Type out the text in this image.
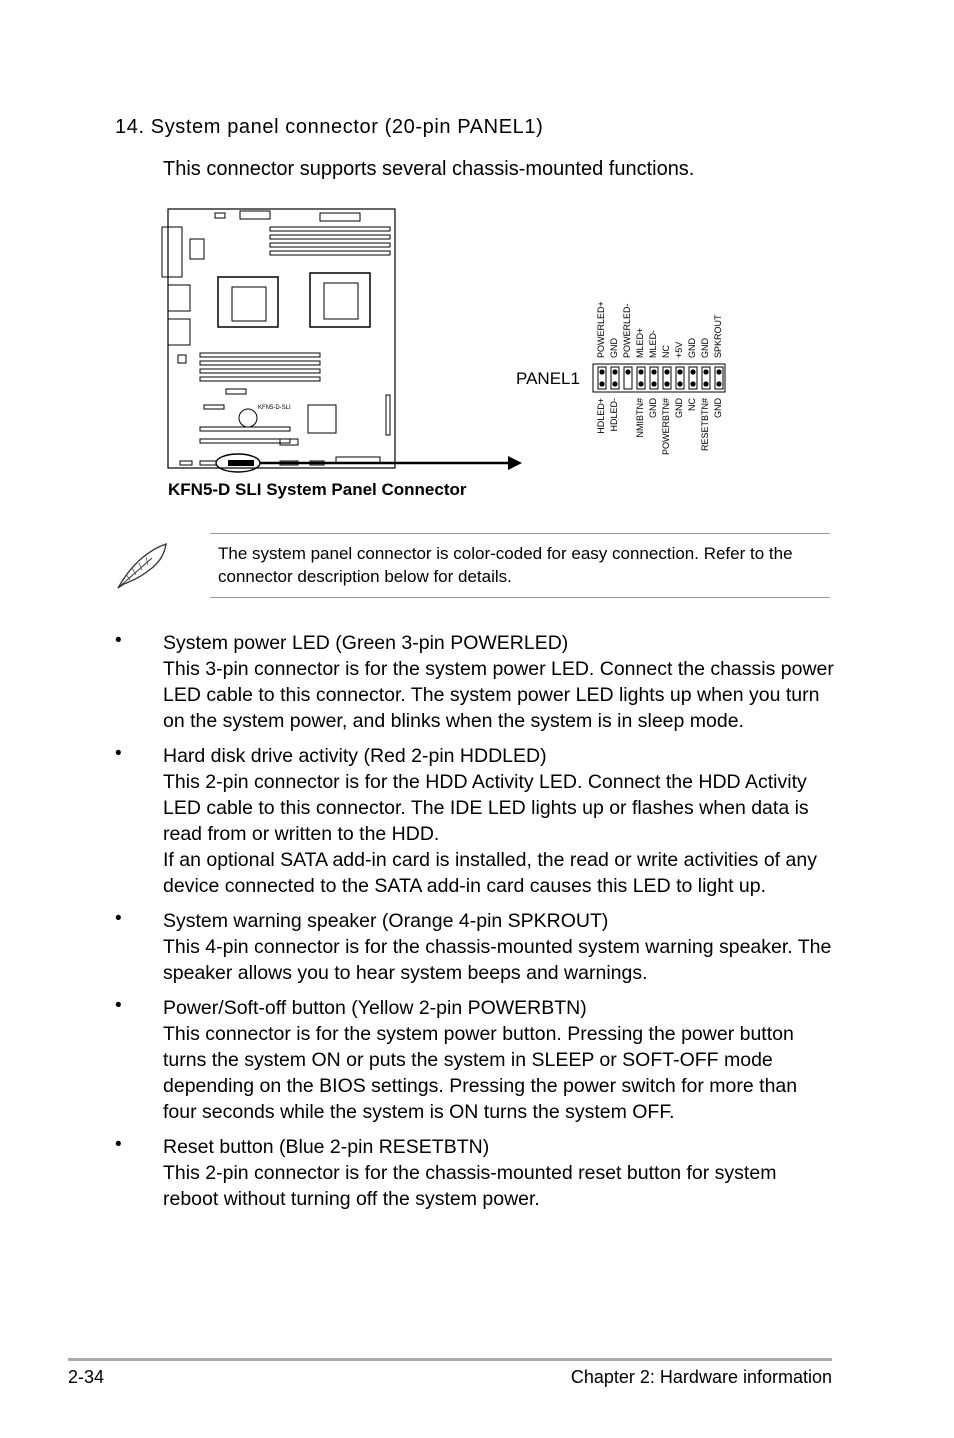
14. System panel connector (20-pin PANEL1)
This connector supports several chassis-mounted functions.
KFN5-D-SLI
KFN5-D SLI System Panel Connector
PANEL1
POWERLED+ GND POWERLED- MLED+ MLED- NC +5V GND GND SPKROUT
HDLED+ HDLED- NMIBTN# GND POWERBTN# GND NC RESETBTN# GND
The system panel connector is color-coded for easy connection. Refer to the connector description below for details.
• System power LED (Green 3-pin POWERLED)
This 3-pin connector is for the system power LED. Connect the chassis power LED cable to this connector. The system power LED lights up when you turn on the system power, and blinks when the system is in sleep mode.
• Hard disk drive activity (Red 2-pin HDDLED)
This 2-pin connector is for the HDD Activity LED. Connect the HDD Activity LED cable to this connector. The IDE LED lights up or flashes when data is read from or written to the HDD.
If an optional SATA add-in card is installed, the read or write activities of any device connected to the SATA add-in card causes this LED to light up.
• System warning speaker (Orange 4-pin SPKROUT)
This 4-pin connector is for the chassis-mounted system warning speaker. The speaker allows you to hear system beeps and warnings.
• Power/Soft-off button (Yellow 2-pin POWERBTN)
This connector is for the system power button. Pressing the power button turns the system ON or puts the system in SLEEP or SOFT-OFF mode depending on the BIOS settings. Pressing the power switch for more than four seconds while the system is ON turns the system OFF.
• Reset button (Blue 2-pin RESETBTN)
This 2-pin connector is for the chassis-mounted reset button for system reboot without turning off the system power.
2-34	Chapter 2: Hardware information
